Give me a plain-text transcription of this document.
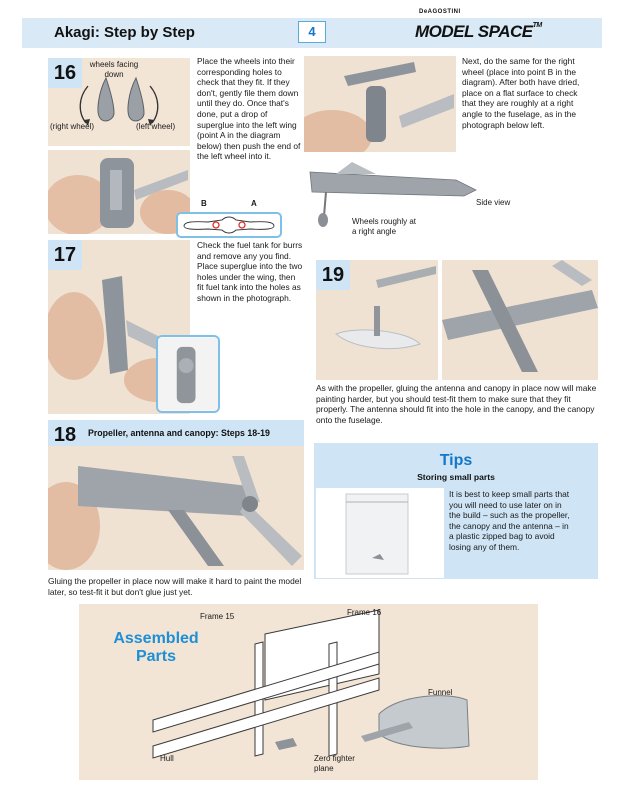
Akagi: Step by Step	4
DeAGOSTINI
MODEL SPACE™
16	wheels facing down
(right wheel)	(left wheel)
Place the wheels into their corresponding holes to check that they fit. If they don't, gently file them down until they do. Once that's done, put a drop of superglue into the left wing (point A in the diagram below) then push the end of the left wheel into it.
B	A
Next, do the same for the right wheel (place into point B in the diagram). After both have dried, place on a flat surface to check that they are roughly at a right angle to the fuselage, as in the photograph below left.
Side view
Wheels roughly at a right angle
17	Check the fuel tank for burrs and remove any you find. Place superglue into the two holes under the wing, then fit fuel tank into the holes as shown in the photograph.
19
As with the propeller, gluing the antenna and canopy in place now will make painting harder, but you should test-fit them to make sure that they fit properly. The antenna should fit into the hole in the canopy, and the canopy onto the fuselage.
18	Propeller, antenna and canopy: Steps 18-19
Gluing the propeller in place now will make it hard to paint the model later, so test-fit it but don't glue just yet.
Tips
Storing small parts
It is best to keep small parts that you will need to use later on in the build – such as the propeller, the canopy and the antenna – in a plastic zipped bag to avoid losing any of them.
Assembled
Parts
Frame 15	Frame 16
Funnel
Hull	Zero fighter plane
